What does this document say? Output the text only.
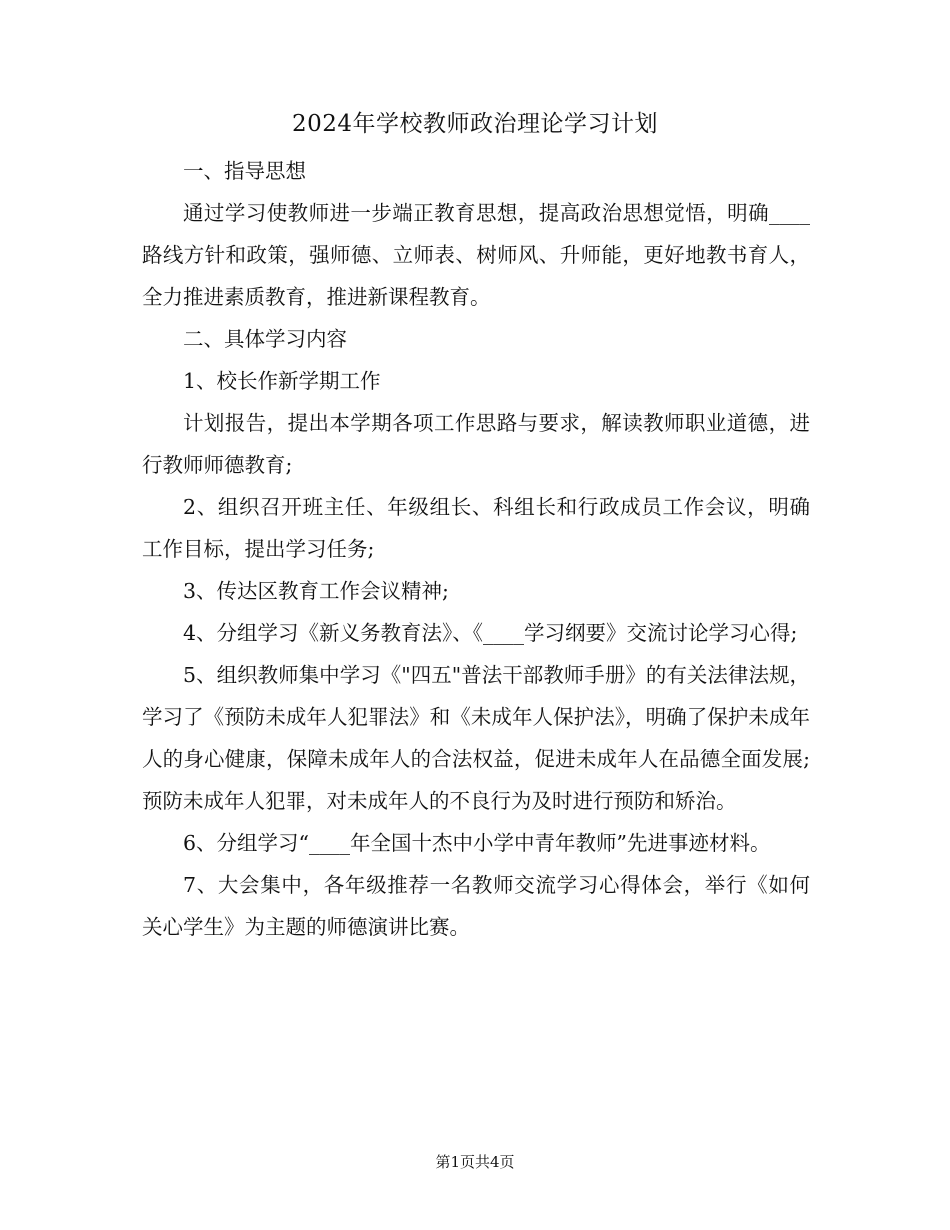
2024年学校教师政治理论学习计划

一、指导思想

通过学习使教师进一步端正教育思想，提高政治思想觉悟，明确____路线方针和政策，强师德、立师表、树师风、升师能，更好地教书育人，全力推进素质教育，推进新课程教育。

二、具体学习内容

1、校长作新学期工作

计划报告，提出本学期各项工作思路与要求，解读教师职业道德，进行教师师德教育;

2、组织召开班主任、年级组长、科组长和行政成员工作会议，明确工作目标，提出学习任务;

3、传达区教育工作会议精神;

4、分组学习《新义务教育法》、《____学习纲要》交流讨论学习心得;

5、组织教师集中学习《"四五"普法干部教师手册》的有关法律法规，学习了《预防未成年人犯罪法》和《未成年人保护法》，明确了保护未成年人的身心健康，保障未成年人的合法权益，促进未成年人在品德全面发展;预防未成年人犯罪，对未成年人的不良行为及时进行预防和矫治。

6、分组学习“____年全国十杰中小学中青年教师”先进事迹材料。

7、大会集中，各年级推荐一名教师交流学习心得体会，举行《如何关心学生》为主题的师德演讲比赛。

第1页共4页
